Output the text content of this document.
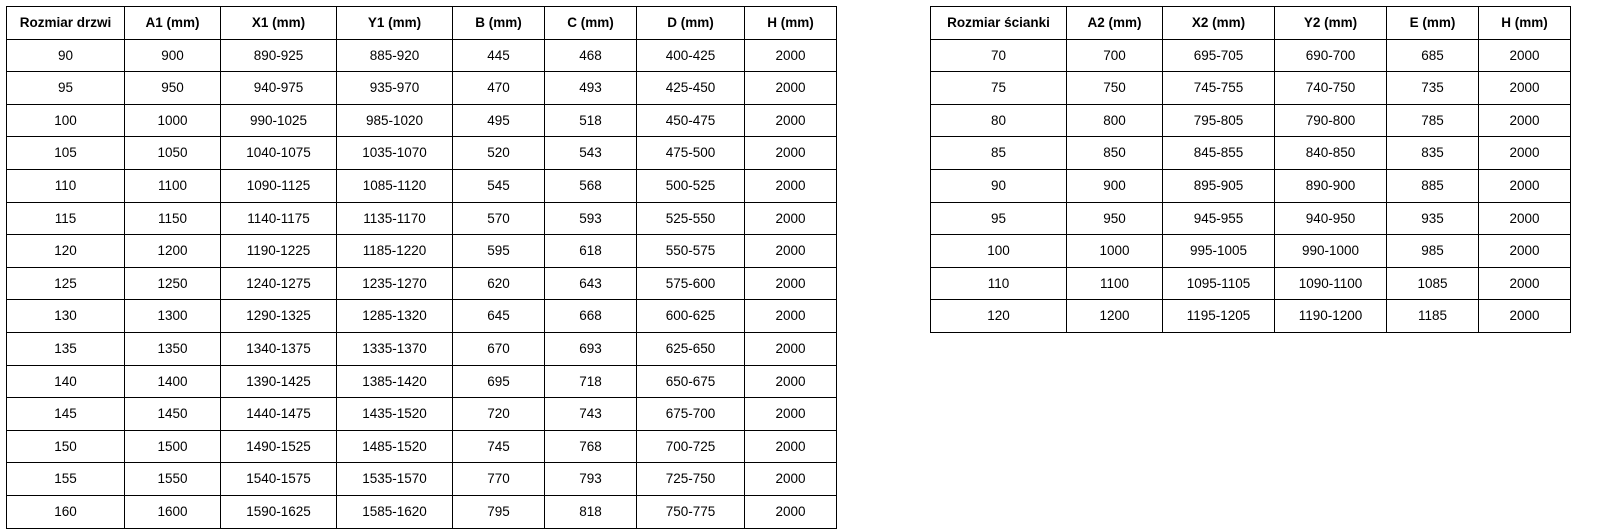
Rozmiar drzwi	A1 (mm)	X1 (mm)	Y1 (mm)	B (mm)	C (mm)	D (mm)	H (mm)
90	900	890-925	885-920	445	468	400-425	2000
95	950	940-975	935-970	470	493	425-450	2000
100	1000	990-1025	985-1020	495	518	450-475	2000
105	1050	1040-1075	1035-1070	520	543	475-500	2000
110	1100	1090-1125	1085-1120	545	568	500-525	2000
115	1150	1140-1175	1135-1170	570	593	525-550	2000
120	1200	1190-1225	1185-1220	595	618	550-575	2000
125	1250	1240-1275	1235-1270	620	643	575-600	2000
130	1300	1290-1325	1285-1320	645	668	600-625	2000
135	1350	1340-1375	1335-1370	670	693	625-650	2000
140	1400	1390-1425	1385-1420	695	718	650-675	2000
145	1450	1440-1475	1435-1520	720	743	675-700	2000
150	1500	1490-1525	1485-1520	745	768	700-725	2000
155	1550	1540-1575	1535-1570	770	793	725-750	2000
160	1600	1590-1625	1585-1620	795	818	750-775	2000
Rozmiar ścianki	A2 (mm)	X2 (mm)	Y2 (mm)	E (mm)	H (mm)
70	700	695-705	690-700	685	2000
75	750	745-755	740-750	735	2000
80	800	795-805	790-800	785	2000
85	850	845-855	840-850	835	2000
90	900	895-905	890-900	885	2000
95	950	945-955	940-950	935	2000
100	1000	995-1005	990-1000	985	2000
110	1100	1095-1105	1090-1100	1085	2000
120	1200	1195-1205	1190-1200	1185	2000
